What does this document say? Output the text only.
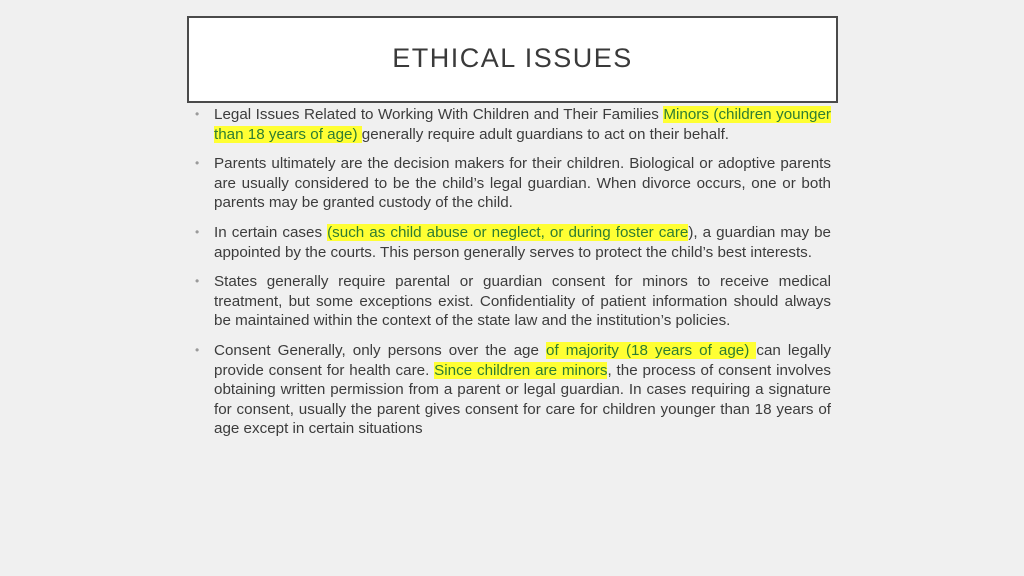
ETHICAL ISSUES
• Legal Issues Related to Working With Children and Their Families Minors (children younger than 18 years of age) generally require adult guardians to act on their behalf.
• Parents ultimately are the decision makers for their children. Biological or adoptive parents are usually considered to be the child’s legal guardian. When divorce occurs, one or both parents may be granted custody of the child.
• In certain cases (such as child abuse or neglect, or during foster care), a guardian may be appointed by the courts. This person generally serves to protect the child’s best interests.
• States generally require parental or guardian consent for minors to receive medical treatment, but some exceptions exist. Confidentiality of patient information should always be maintained within the context of the state law and the institution’s policies.
• Consent Generally, only persons over the age of majority (18 years of age) can legally provide consent for health care. Since children are minors, the process of consent involves obtaining written permission from a parent or legal guardian. In cases requiring a signature for consent, usually the parent gives consent for care for children younger than 18 years of age except in certain situations
